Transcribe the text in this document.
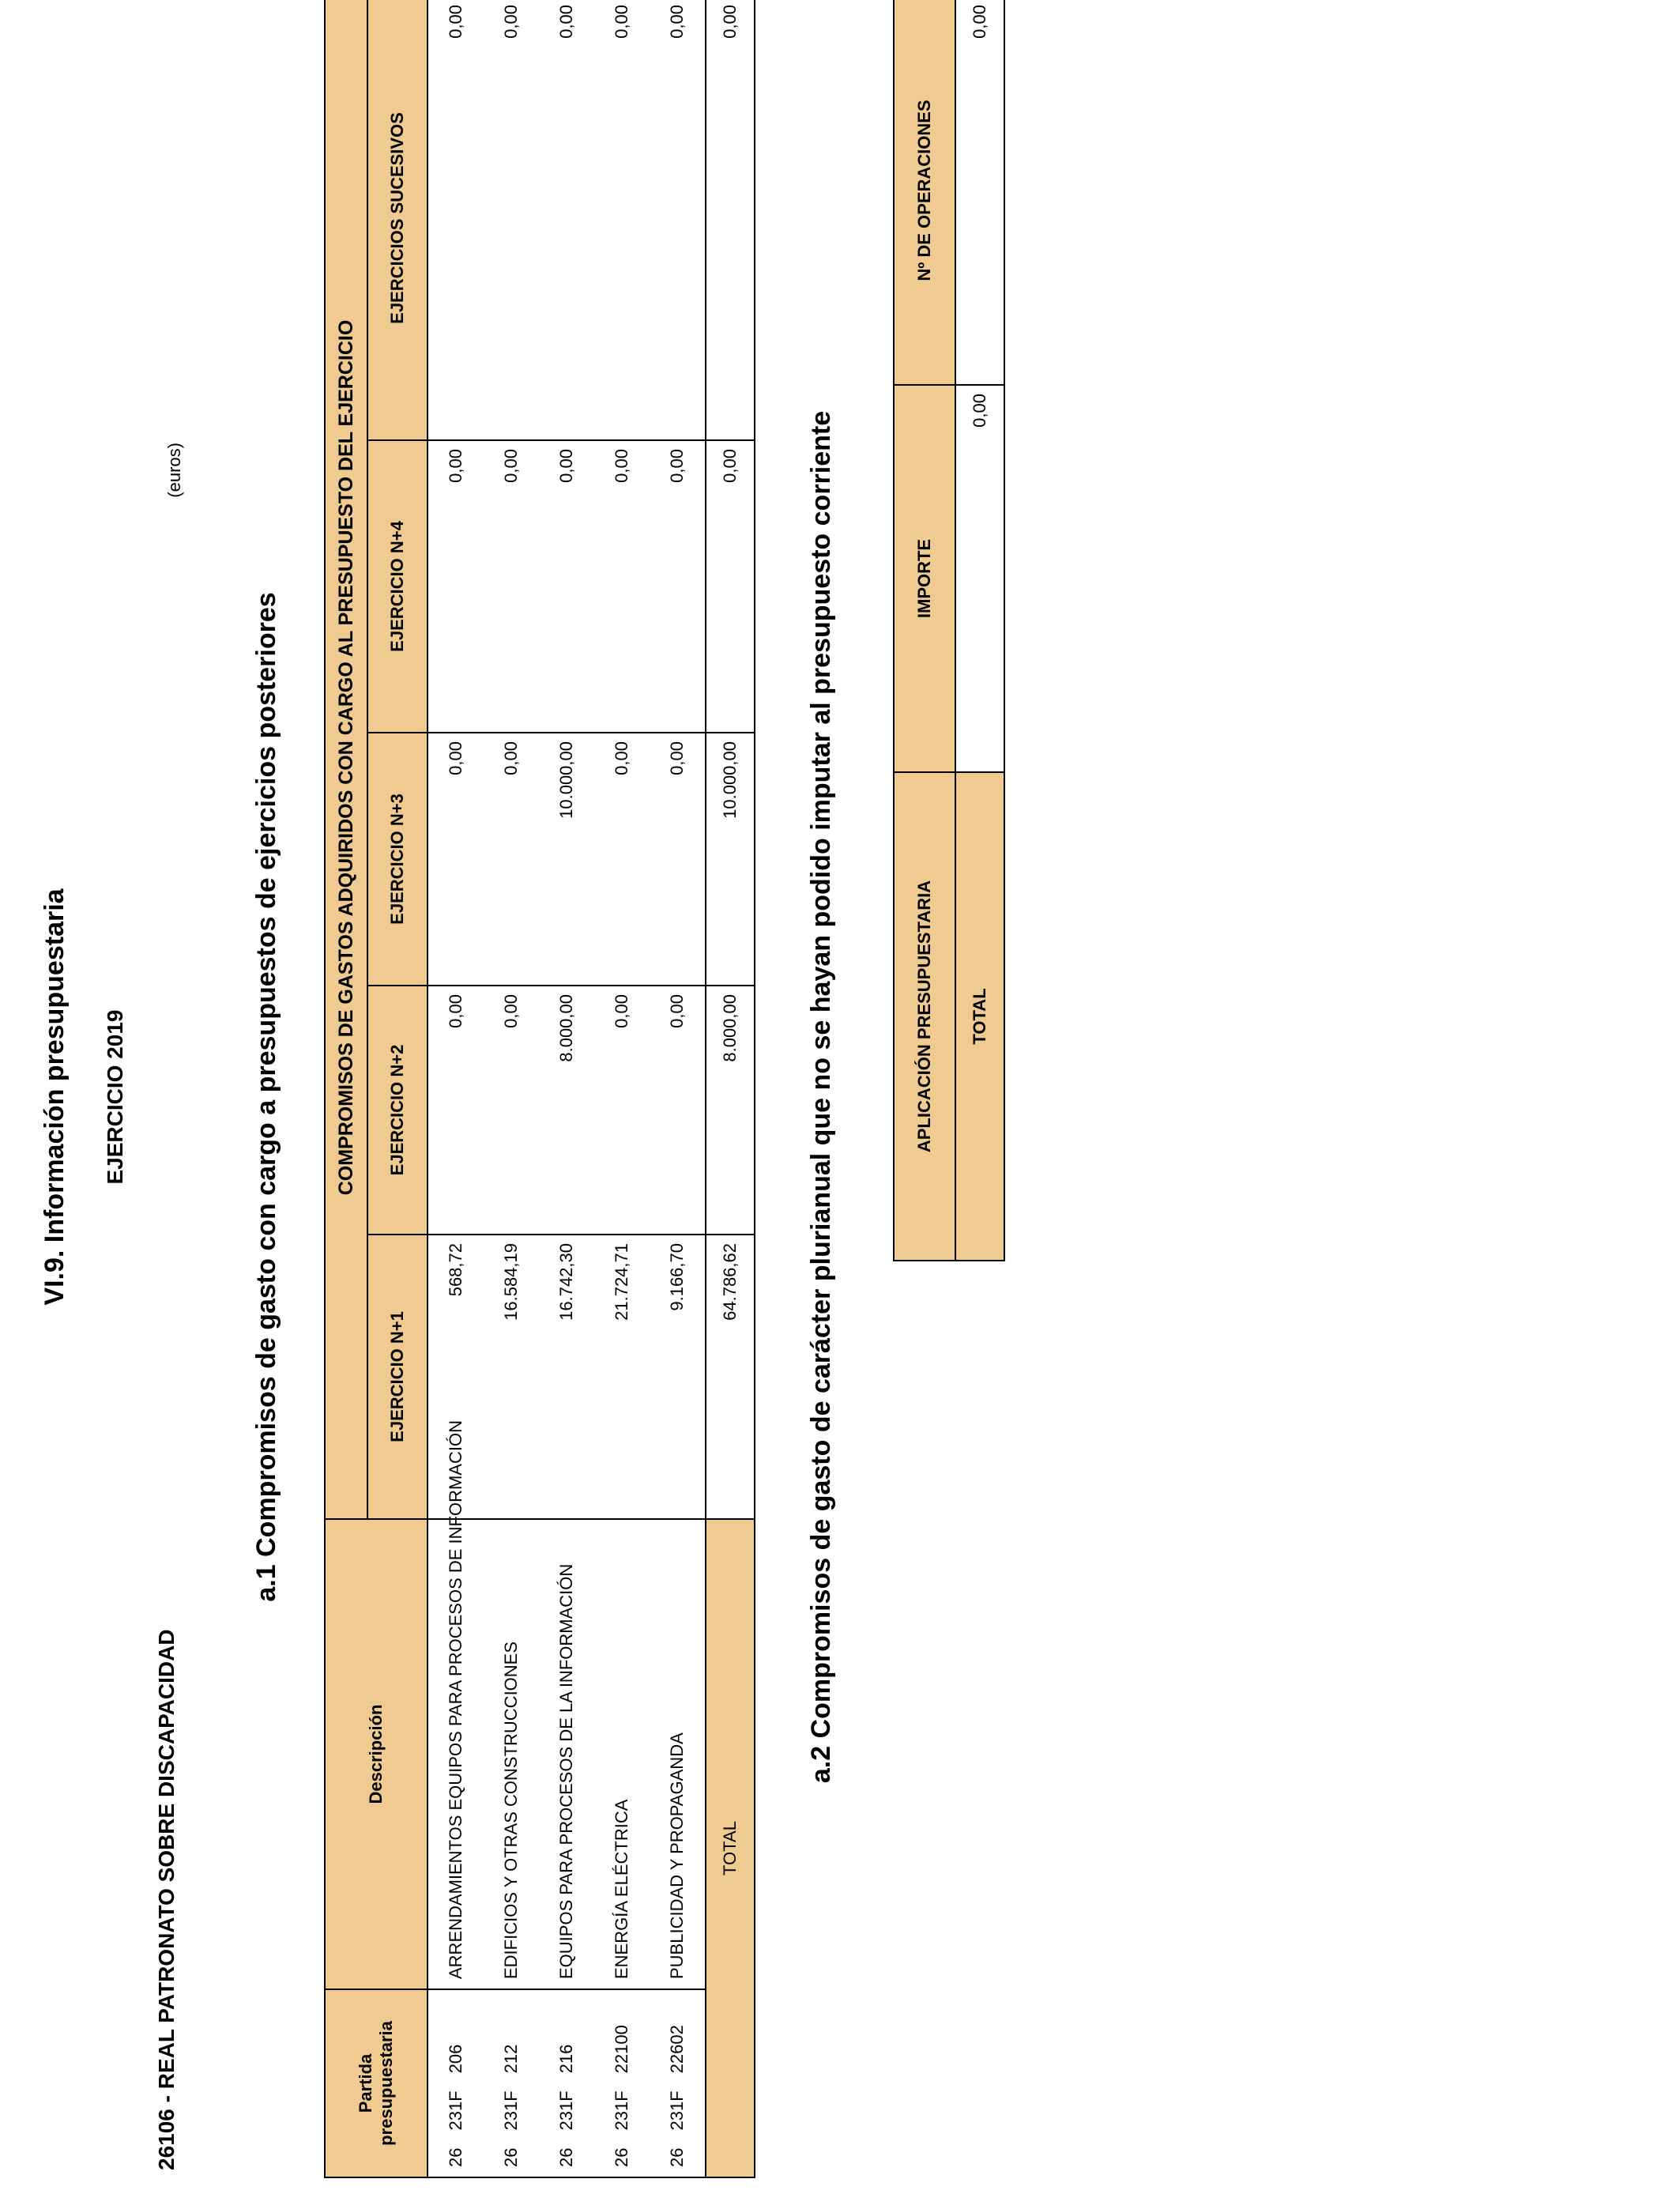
VI.9. Información presupuestaria EJERCICIO 2019
26106 - REAL PATRONATO SOBRE DISCAPACIDAD
(euros)
a.1 Compromisos de gasto con cargo a presupuestos de ejercicios posteriores
Partida presupuestaria	Descripción	COMPROMISOS DE GASTOS ADQUIRIDOS CON CARGO AL PRESUPUESTO DEL EJERCICIO				
		EJERCICIO N+1	EJERCICIO N+2	EJERCICIO N+3	EJERCICIO N+4	EJERCICIOS SUCESIVOS
26231F206	ARRENDAMIENTOS EQUIPOS PARA PROCESOS DE INFORMACIÓN	568,72	0,00	0,00	0,00	0,00
26231F212	EDIFICIOS Y OTRAS CONSTRUCCIONES	16.584,19	0,00	0,00	0,00	0,00
26231F216	EQUIPOS PARA PROCESOS DE LA INFORMACIÓN	16.742,30	8.000,00	10.000,00	0,00	0,00
26231F22100	ENERGÍA ELÉCTRICA	21.724,71	0,00	0,00	0,00	0,00
26231F22602	PUBLICIDAD Y PROPAGANDA	9.166,70	0,00	0,00	0,00	0,00
TOTAL		64.786,62	8.000,00	10.000,00	0,00	0,00
a.2 Compromisos de gasto de carácter plurianual que no se hayan podido imputar al presupuesto corriente	APLICACIÓN PRESUPUESTARIA	IMPORTE	Nº DE OPERACIONES
TOTAL	0,00	0,00
